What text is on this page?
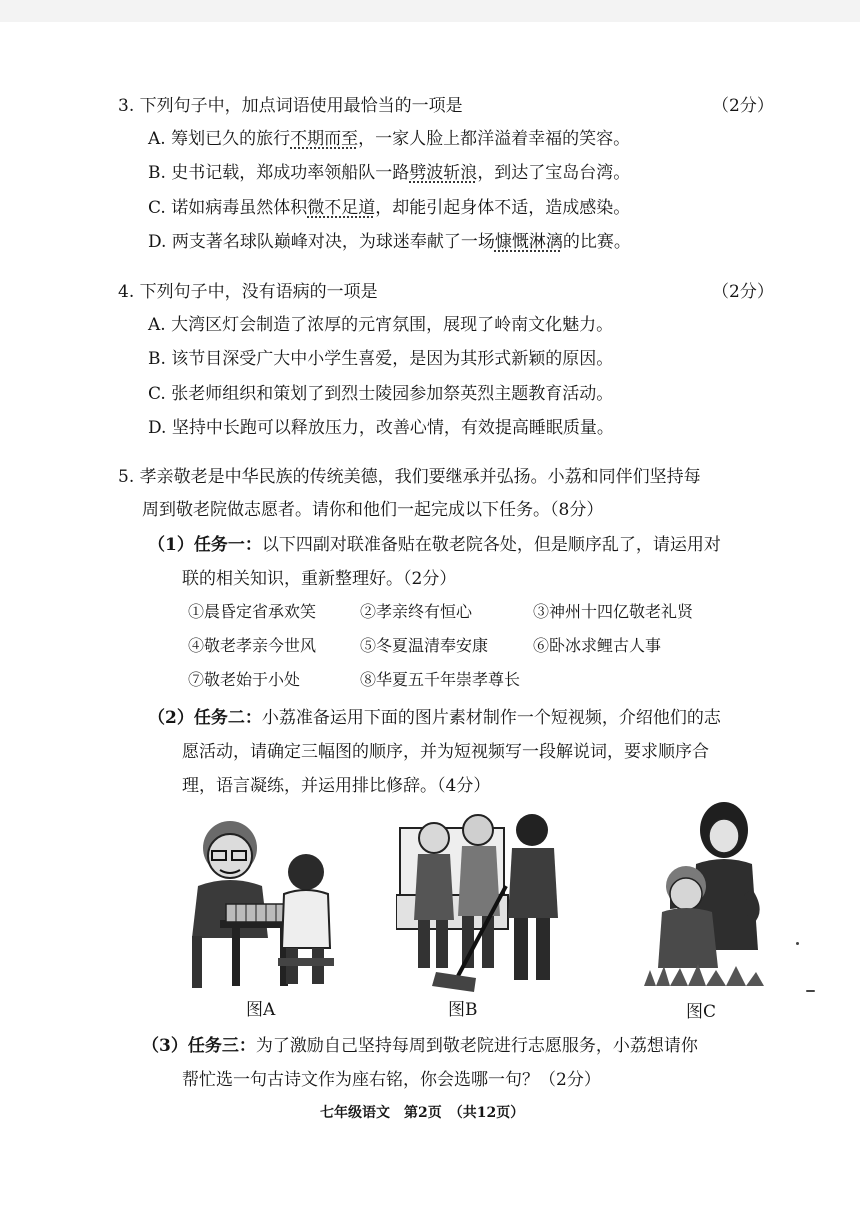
3. 下列句子中，加点词语使用最恰当的一项是	（2分）
A. 筹划已久的旅行不期而至，一家人脸上都洋溢着幸福的笑容。
B. 史书记载，郑成功率领船队一路劈波斩浪，到达了宝岛台湾。
C. 诺如病毒虽然体积微不足道，却能引起身体不适，造成感染。
D. 两支著名球队巅峰对决，为球迷奉献了一场慷慨淋漓的比赛。
4. 下列句子中，没有语病的一项是	（2分）
A. 大湾区灯会制造了浓厚的元宵氛围，展现了岭南文化魅力。
B. 该节目深受广大中小学生喜爱，是因为其形式新颖的原因。
C. 张老师组织和策划了到烈士陵园参加祭英烈主题教育活动。
D. 坚持中长跑可以释放压力，改善心情，有效提高睡眠质量。
5. 孝亲敬老是中华民族的传统美德，我们要继承并弘扬。小荔和同伴们坚持每
周到敬老院做志愿者。请你和他们一起完成以下任务。（8分）
（1）任务一：以下四副对联准备贴在敬老院各处，但是顺序乱了，请运用对
联的相关知识，重新整理好。（2分）
①晨昏定省承欢笑	②孝亲终有恒心	③神州十四亿敬老礼贤
④敬老孝亲今世风	⑤冬夏温清奉安康	⑥卧冰求鲤古人事
⑦敬老始于小处	⑧华夏五千年崇孝尊长
（2）任务二：小荔准备运用下面的图片素材制作一个短视频，介绍他们的志
愿活动，请确定三幅图的顺序，并为短视频写一段解说词，要求顺序合
理，语言凝练，并运用排比修辞。（4分）
图A	图B	图C
（3）任务三：为了激励自己坚持每周到敬老院进行志愿服务，小荔想请你
帮忙选一句古诗文作为座右铭，你会选哪一句？（2分）
七年级语文　第2页　（共12页）
